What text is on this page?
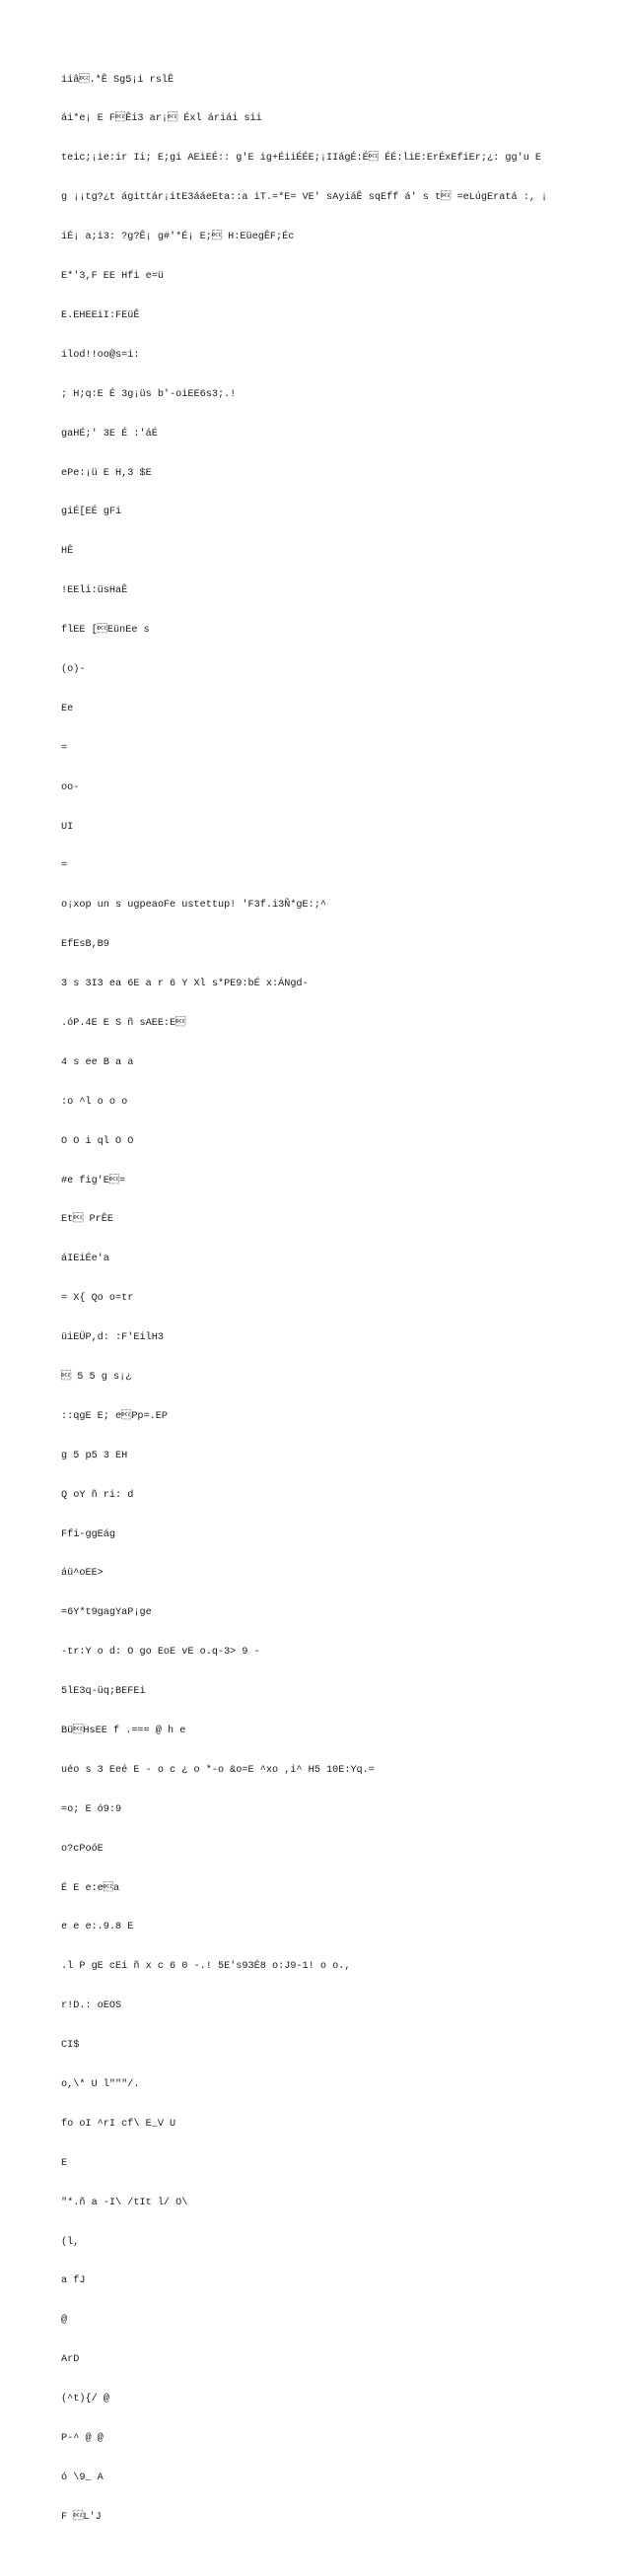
iiâ.*Ê Sg5¡i rslÊ

ái*e¡ E FÊi3 ar¡ Éxl áriái sii

teic;¡ie:ir Ii; E;gi AEiEÉ:: g'E ig+ÉiiÉÉE;¡IIágÉ:É ÉÉ:liE:ErÉxEfiEr;¿: gg'u E

g ¡¡tg?¿t ágittár¡itE3ááeEta::a iT.=*E= VE' sAyiáÊ sqEff á' s t =eLúgEratá :, ¡

iÉ¡ a;i3: ?g?Ê¡ g#'*É¡ E; H:EüegÊF;Éc

E*'3,F EE Hfi e=ü

E.EHEEiI:FEüÊ

ilod!!oo@s=i:

; H;q:E É 3g¡üs b'-oiEE6s3;.!

gaHÉ;' 3E É :'áÉ

ePe:¡ü E H,3 $E

giÉ[EÉ gFi

HÊ

!EEli:üsHaÊ

flEE [EünEe s

(o)-

Ee

=

oo-

UI

=

o¡xop un s ugpeaoFe ustettup! 'F3f.i3Ñ*gE:;^

EfEsB,B9

3 s 3I3 ea 6E a r 6 Y Xl s*PE9:bÉ x:ÁNgd-

.óP.4E E S ñ sAEE:E

4 s ee B a a

:o ^l o o o

O O i ql O O

#e fig'E=

Et PrÊE

áIEiÉe'a

= X{ Qo o=tr

üiEÜP,d: :F'EilH3

 5 5 g s¡¿

::qgE E; ePp=.EP

g 5 p5 3 EH

Q oY ñ ri: d

Ffi-ggEág

áü^oEE>

=6Y*t9gagYaP¡ge

-tr:Y o d: O go EoE vE o.q-3> 9 -

5lE3q-üq;BEFEi

BüHsEE f .=== @ h e

uéo s 3 Eeé E - o c ¿ o *-o &o=E ^xo ,i^ H5 10E:Yq.=

=o; E ó9:9

o?cPoóE

É E e:ea

e e e:.9.8 E

.l P gE cEi ñ x c 6 0 -.! 5E's93É8 o:J9-1! o o.,

r!D.: oEOS

CI$

o,\* U l"""/.

fo oI ^rI cf\ E_V U

E

"*.ñ a -I\ /tIt l/ O\

(l,

a fJ

@

ArD

(^t){/ @

P-^ @ @

ó \9_ A

F L'J
